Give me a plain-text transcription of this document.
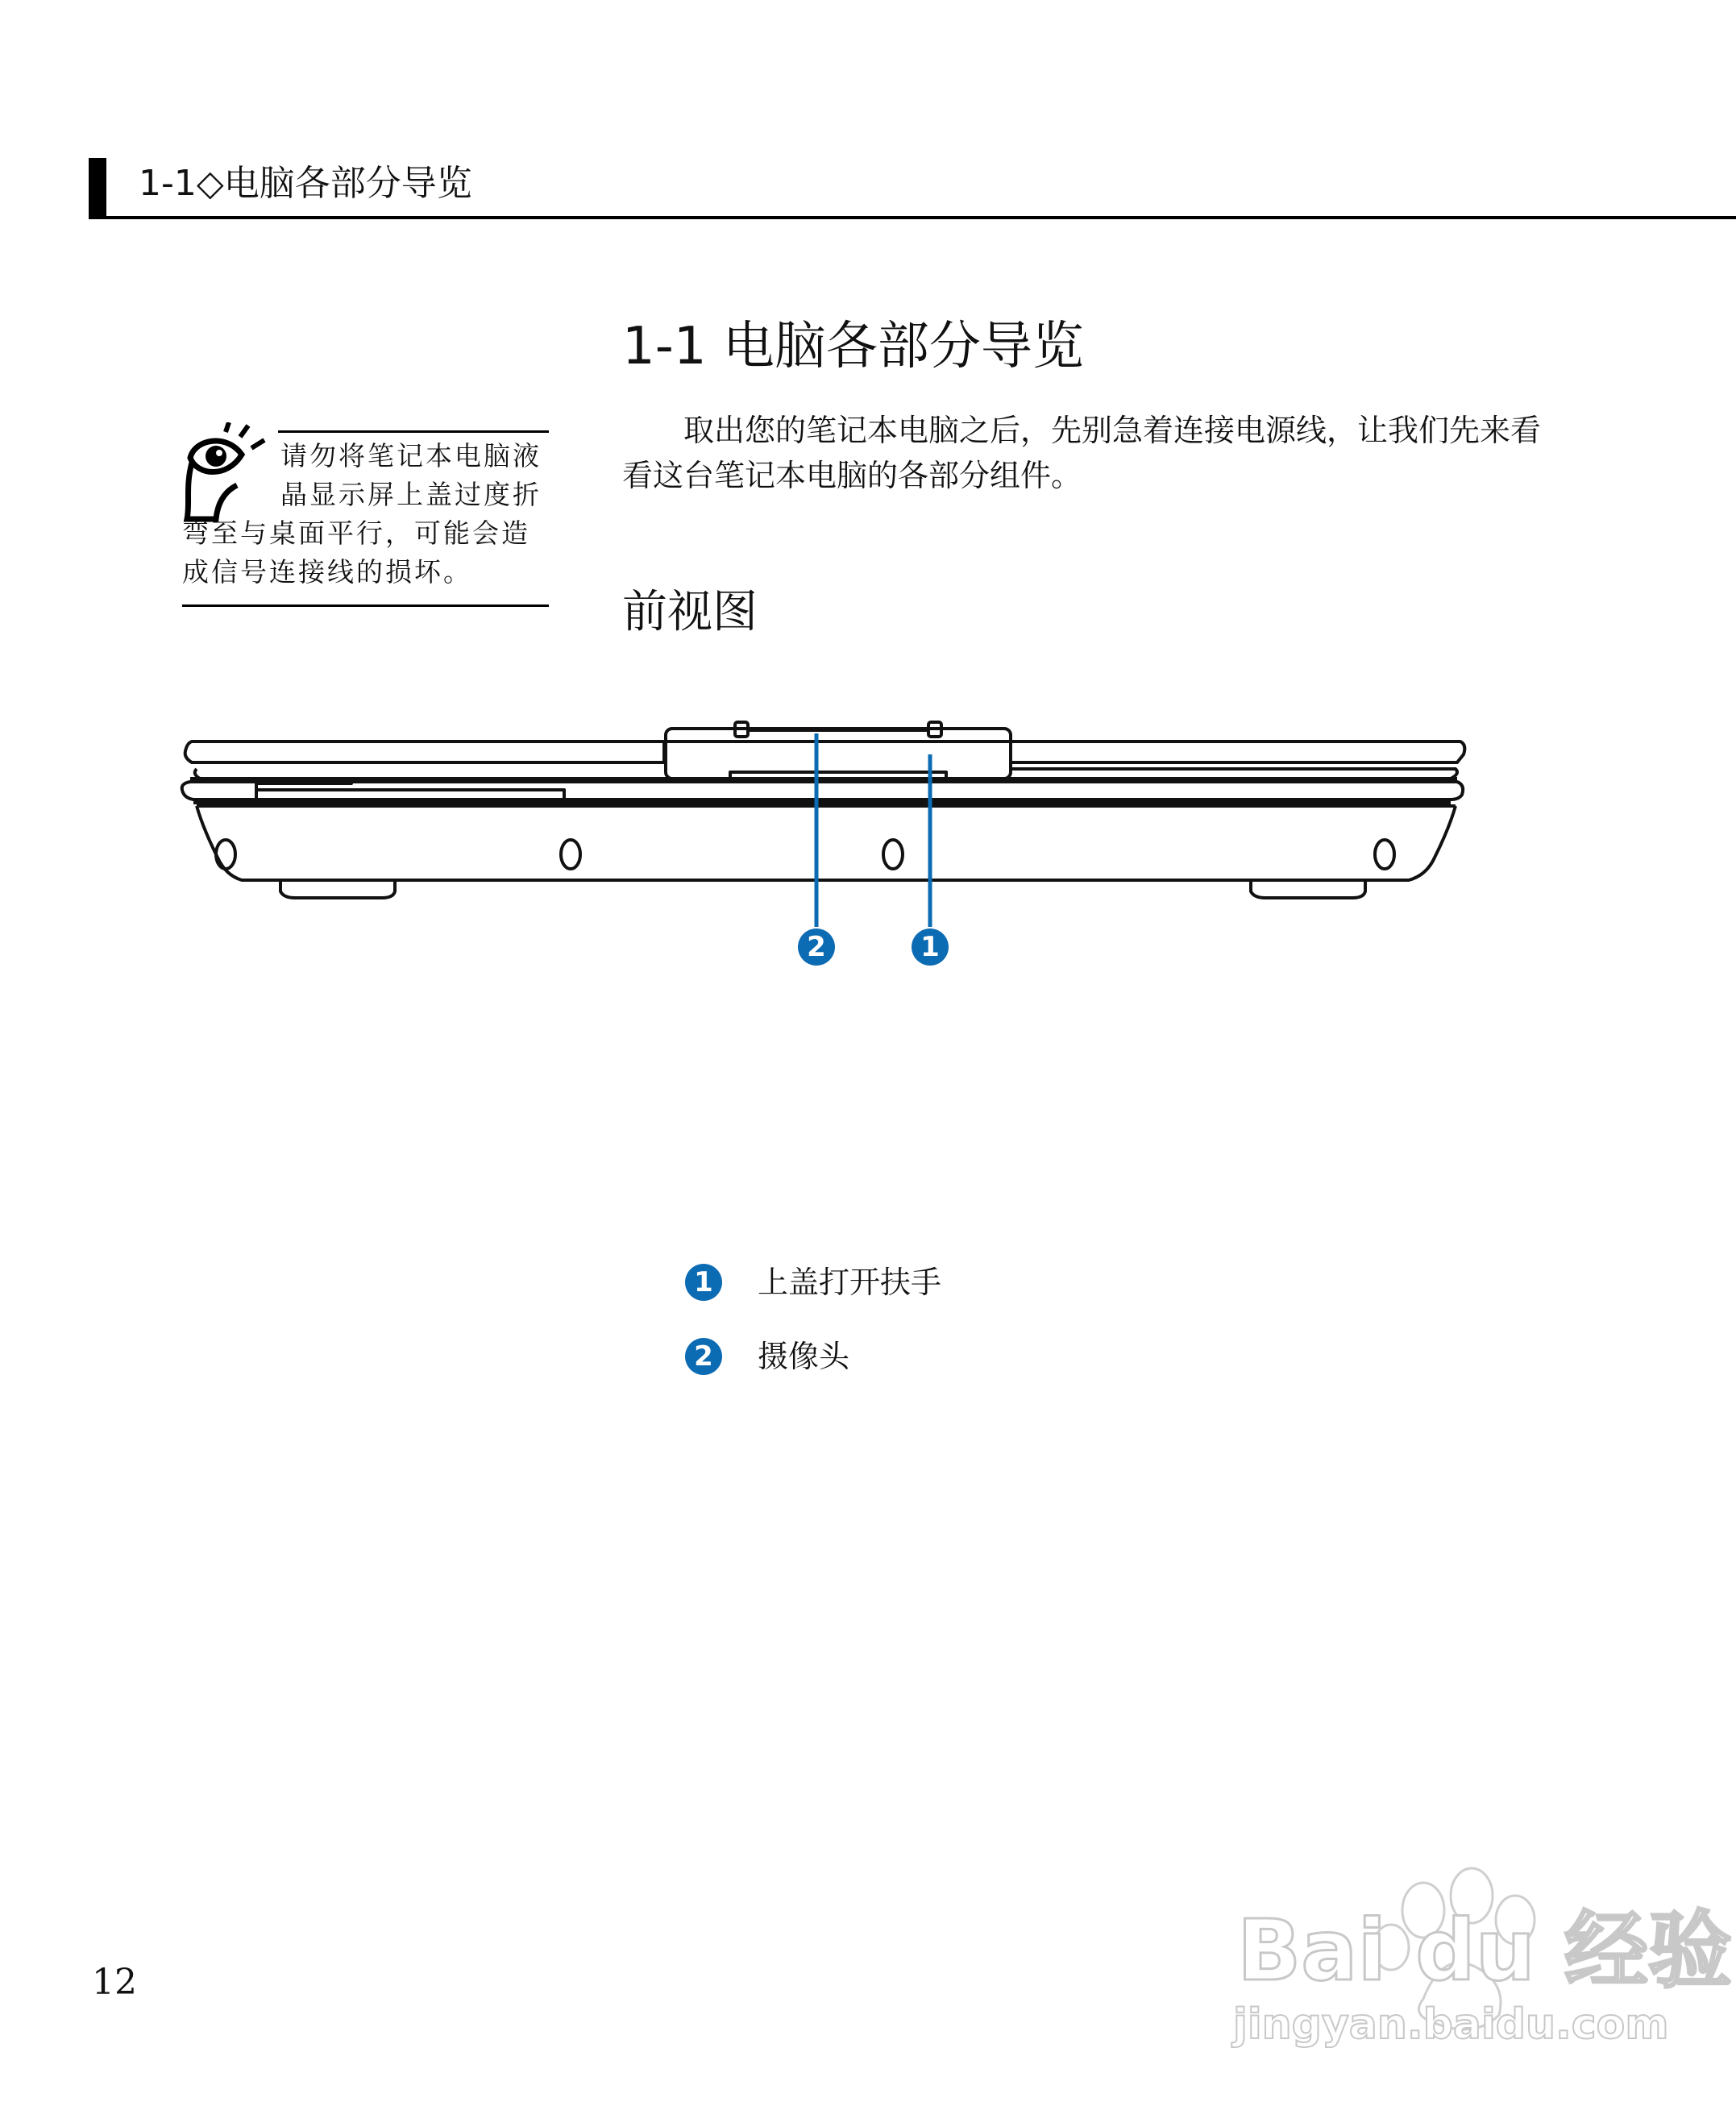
1-1◇电脑各部分导览
1-1 电脑各部分导览
取出您的笔记本电脑之后，先别急着连接电源线，让我们先来看看这台笔记本电脑的各部分组件。
请勿将笔记本电脑液
晶显示屏上盖过度折
弯至与桌面平行，可能会造
成信号连接线的损坏。
前视图
2	1
1 上盖打开扶手
2 摄像头
12	Bai du 经验
jingyan.baidu.com
